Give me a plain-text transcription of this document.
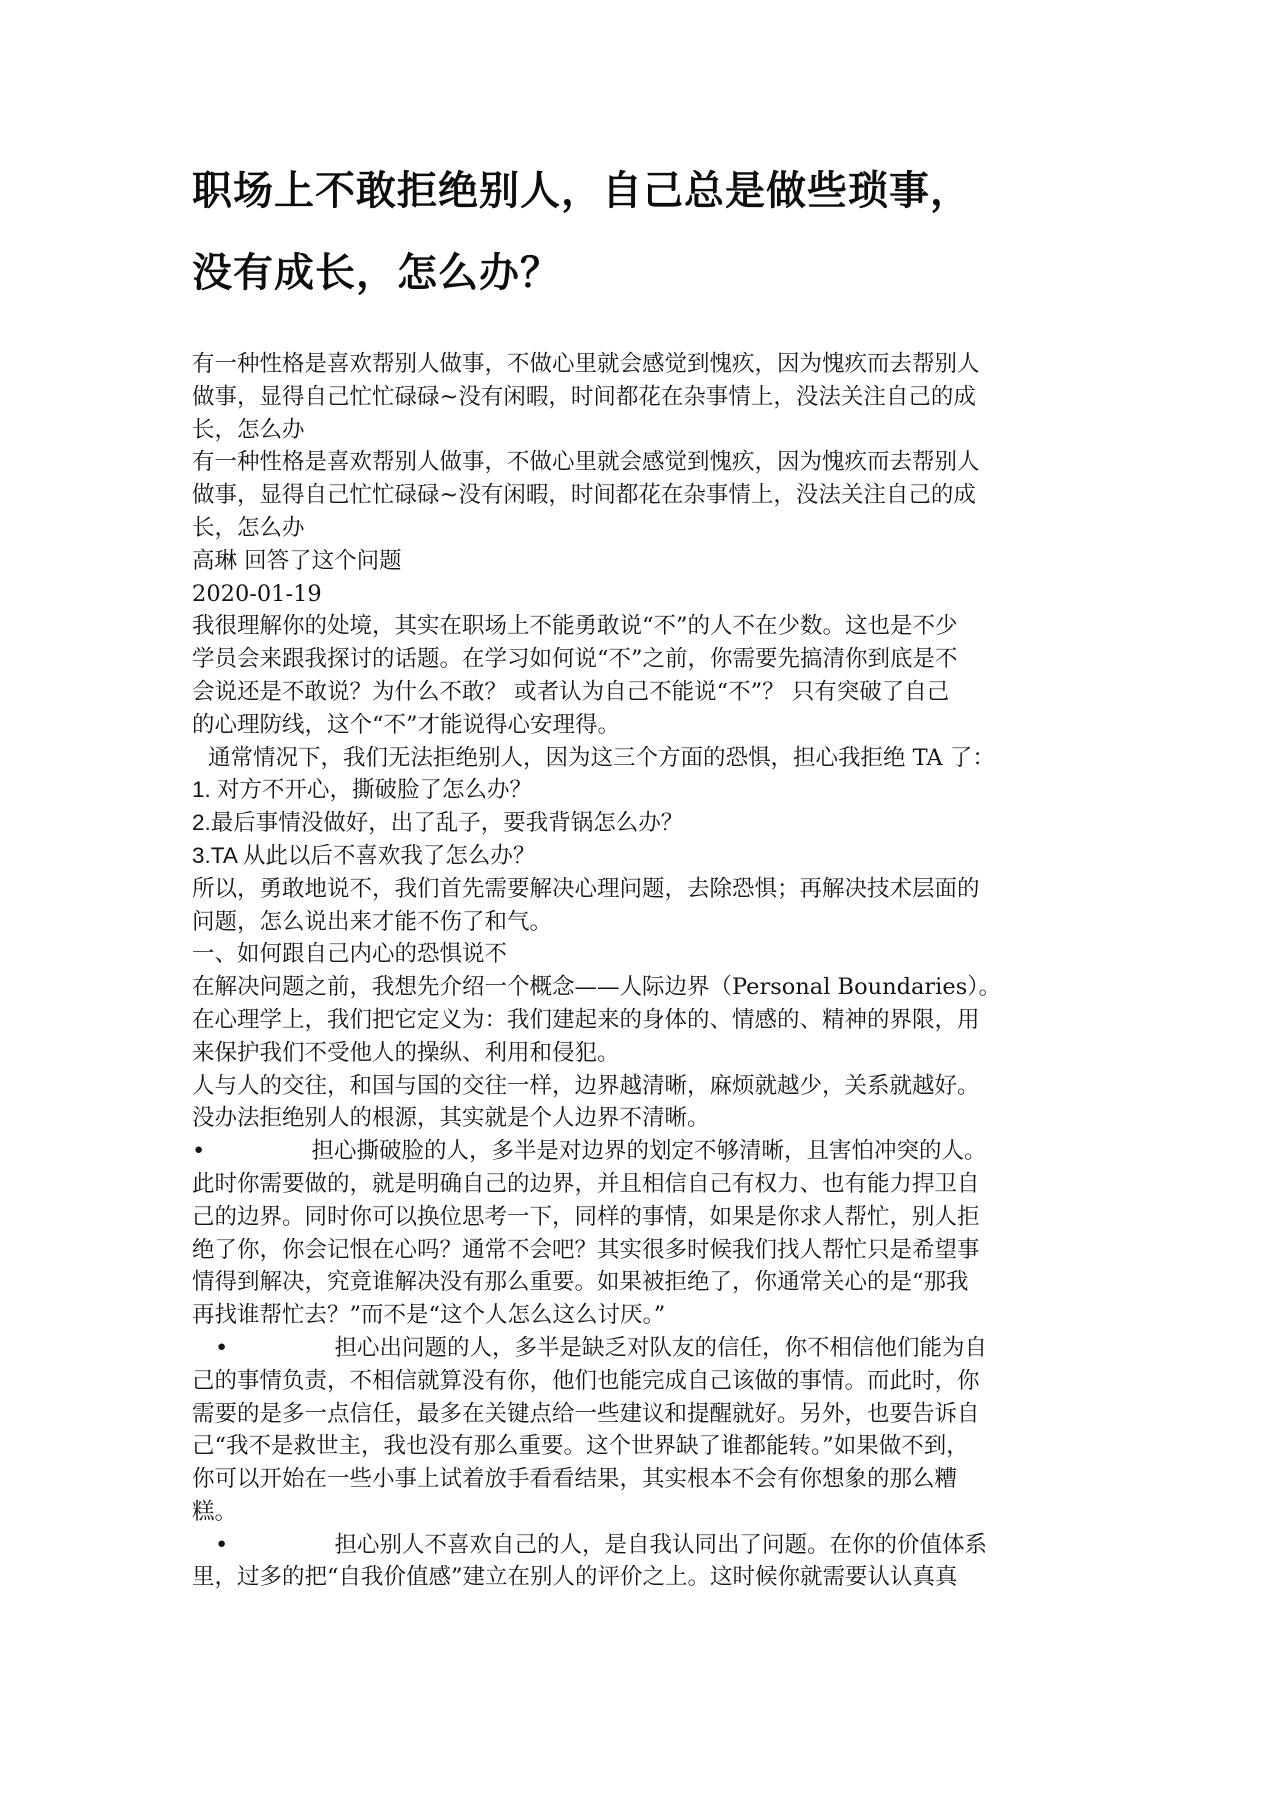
职场上不敢拒绝别人，自己总是做些琐事，
没有成长，怎么办？

有一种性格是喜欢帮别人做事，不做心里就会感觉到愧疚，因为愧疚而去帮别人

做事，显得自己忙忙碌碌~没有闲暇，时间都花在杂事情上，没法关注自己的成

长，怎么办

有一种性格是喜欢帮别人做事，不做心里就会感觉到愧疚，因为愧疚而去帮别人

做事，显得自己忙忙碌碌~没有闲暇，时间都花在杂事情上，没法关注自己的成

长，怎么办

高琳 回答了这个问题

2020-01-19

我很理解你的处境，其实在职场上不能勇敢说“不”的人不在少数。这也是不少

学员会来跟我探讨的话题。在学习如何说“不”之前，你需要先搞清你到底是不

会说还是不敢说？为什么不敢？ 或者认为自己不能说“不”？ 只有突破了自己

的心理防线，这个“不”才能说得心安理得。

通常情况下，我们无法拒绝别人，因为这三个方面的恐惧，担心我拒绝 TA 了：

1. 对方不开心，撕破脸了怎么办？

2.最后事情没做好，出了乱子，要我背锅怎么办？

3.TA 从此以后不喜欢我了怎么办？

所以，勇敢地说不，我们首先需要解决心理问题，去除恐惧；再解决技术层面的

问题，怎么说出来才能不伤了和气。

一、如何跟自己内心的恐惧说不

在解决问题之前，我想先介绍一个概念——人际边界（Personal Boundaries）。

在心理学上，我们把它定义为：我们建起来的身体的、情感的、精神的界限，用

来保护我们不受他人的操纵、利用和侵犯。

人与人的交往，和国与国的交往一样，边界越清晰，麻烦就越少，关系就越好。

没办法拒绝别人的根源，其实就是个人边界不清晰。

•	担心撕破脸的人，多半是对边界的划定不够清晰，且害怕冲突的人。

此时你需要做的，就是明确自己的边界，并且相信自己有权力、也有能力捍卫自

己的边界。同时你可以换位思考一下，同样的事情，如果是你求人帮忙，别人拒

绝了你，你会记恨在心吗？通常不会吧？其实很多时候我们找人帮忙只是希望事

情得到解决，究竟谁解决没有那么重要。如果被拒绝了，你通常关心的是“那我

再找谁帮忙去？”而不是“这个人怎么这么讨厌。”

•	担心出问题的人，多半是缺乏对队友的信任，你不相信他们能为自

己的事情负责，不相信就算没有你，他们也能完成自己该做的事情。而此时，你

需要的是多一点信任，最多在关键点给一些建议和提醒就好。另外，也要告诉自

己“我不是救世主，我也没有那么重要。这个世界缺了谁都能转。”如果做不到，

你可以开始在一些小事上试着放手看看结果，其实根本不会有你想象的那么糟

糕。

•	担心别人不喜欢自己的人，是自我认同出了问题。在你的价值体系

里，过多的把“自我价值感”建立在别人的评价之上。这时候你就需要认认真真
